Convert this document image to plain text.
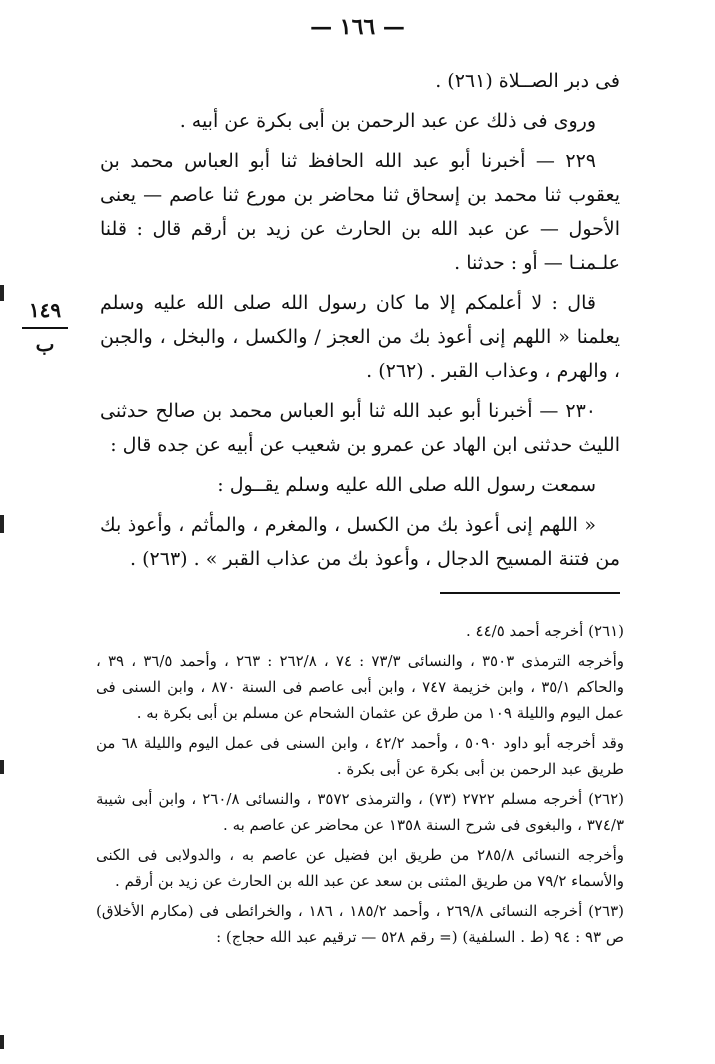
— ١٦٦ —
١٤٩
ب

فى دبر الصــلاة (٢٦١) .

وروى فى ذلك عن عبد الرحمن بن أبى بكرة عن أبيه .

٢٢٩ — أخبرنا أبو عبد الله الحافظ ثنا أبو العباس محمد بن يعقوب ثنا محمد بن إسحاق ثنا محاضر بن مورع ثنا عاصم — يعنى الأحول — عن عبد الله بن الحارث عن زيد بن أرقم قال : قلنا علـمنـا — أو : حدثنا .

قال : لا أعلمكم إلا ما كان رسول الله صلى الله عليه وسلم يعلمنا « اللهم إنى أعوذ بك من العجز / والكسل ، والبخل ، والجبن ، والهرم ، وعذاب القبر . (٢٦٢) .

٢٣٠ — أخبرنا أبو عبد الله ثنا أبو العباس محمد بن صالح حدثنى الليث حدثنى ابن الهاد عن عمرو بن شعيب عن أبيه عن جده قال :

سمعت رسول الله صلى الله عليه وسلم يقــول :

« اللهم إنى أعوذ بك من الكسل ، والمغرم ، والمأثم ، وأعوذ بك من فتنة المسيح الدجال ، وأعوذ بك من عذاب القبر » . (٢٦٣) .

(٢٦١) أخرجه أحمد ٤٤/٥ .

وأخرجه الترمذى ٣٥٠٣ ، والنسائى ٧٣/٣ : ٧٤ ، ٢٦٢/٨ : ٢٦٣ ، وأحمد ٣٦/٥ ، ٣٩ ، والحاكم ٣٥/١ ، وابن خزيمة ٧٤٧ ، وابن أبى عاصم فى السنة ٨٧٠ ، وابن السنى فى عمل اليوم والليلة ١٠٩ من طرق عن عثمان الشحام عن مسلم بن أبى بكرة به .

وقد أخرجه أبو داود ٥٠٩٠ ، وأحمد ٤٢/٢ ، وابن السنى فى عمل اليوم والليلة ٦٨ من طريق عبد الرحمن بن أبى بكرة عن أبى بكرة .

(٢٦٢) أخرجه مسلم ٢٧٢٢ (٧٣) ، والترمذى ٣٥٧٢ ، والنسائى ٢٦٠/٨ ، وابن أبى شيبة ٣٧٤/٣ ، والبغوى فى شرح السنة ١٣٥٨ عن محاضر عن عاصم به .

وأخرجه النسائى ٢٨٥/٨ من طريق ابن فضيل عن عاصم به ، والدولابى فى الكنى والأسماء ٧٩/٢ من طريق المثنى بن سعد عن عبد الله بن الحارث عن زيد بن أرقم .

(٢٦٣) أخرجه النسائى ٢٦٩/٨ ، وأحمد ١٨٥/٢ ، ١٨٦ ، والخرائطى فى (مكارم الأخلاق) ص ٩٣ : ٩٤ (ط . السلفية) (= رقم ٥٢٨ — ترقيم عبد الله حجاج) :
